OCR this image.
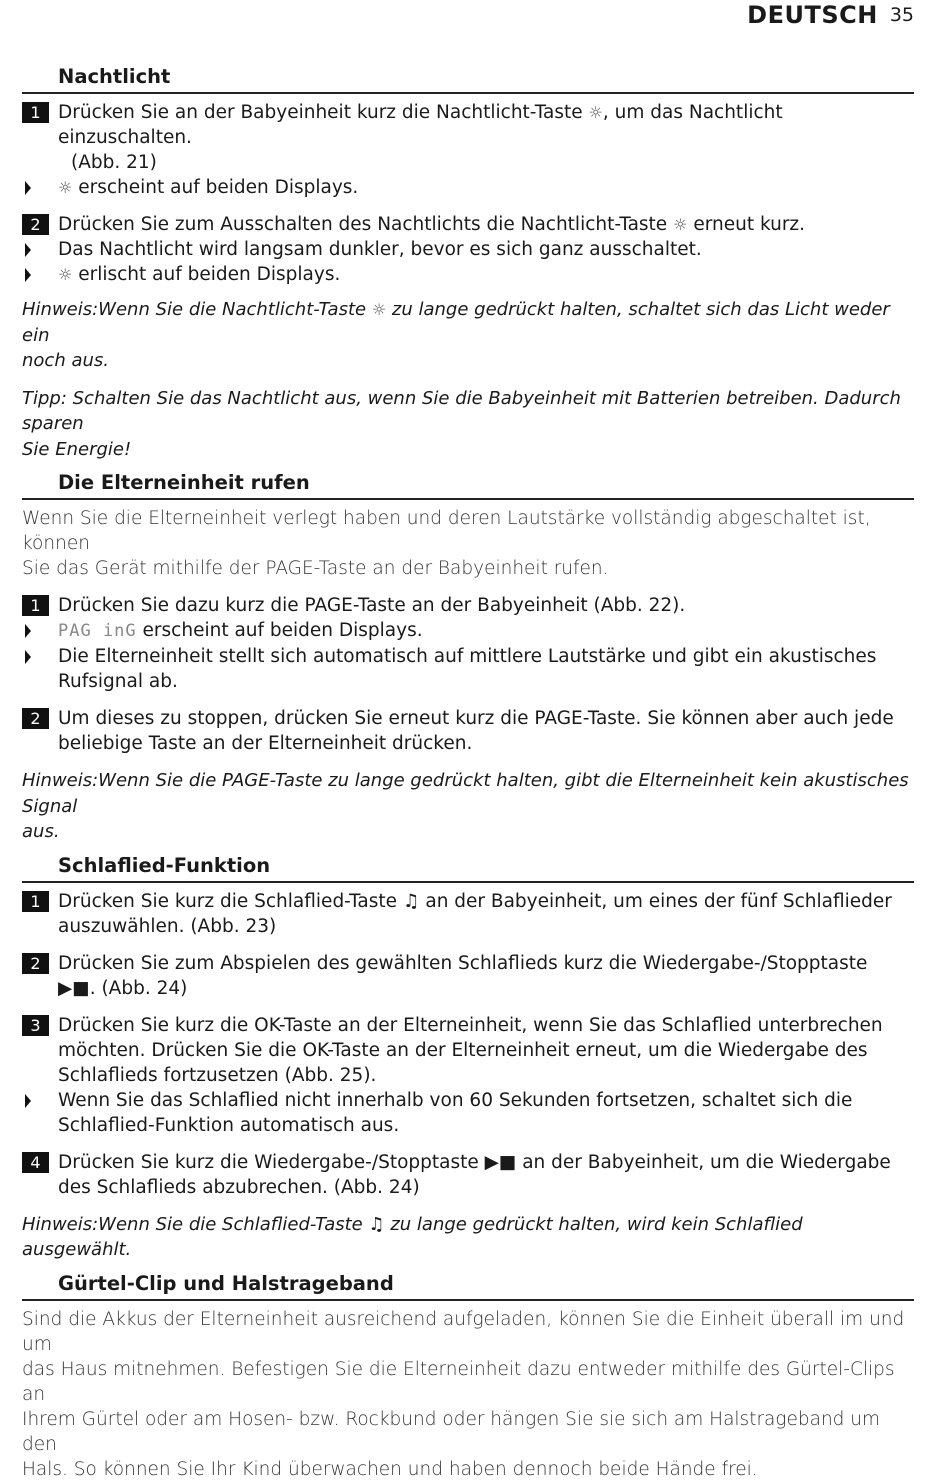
DEUTSCH 35
Nachtlicht
1 Drücken Sie an der Babyeinheit kurz die Nachtlicht-Taste ☼, um das Nachtlicht einzuschalten.
(Abb. 21)
☼ erscheint auf beiden Displays.
2 Drücken Sie zum Ausschalten des Nachtlichts die Nachtlicht-Taste ☼ erneut kurz.
Das Nachtlicht wird langsam dunkler, bevor es sich ganz ausschaltet.
☼ erlischt auf beiden Displays.
Hinweis:Wenn Sie die Nachtlicht-Taste ☼ zu lange gedrückt halten, schaltet sich das Licht weder ein
noch aus.
Tipp: Schalten Sie das Nachtlicht aus, wenn Sie die Babyeinheit mit Batterien betreiben. Dadurch sparen
Sie Energie!
Die Elterneinheit rufen
Wenn Sie die Elterneinheit verlegt haben und deren Lautstärke vollständig abgeschaltet ist, können
Sie das Gerät mithilfe der PAGE-Taste an der Babyeinheit rufen.
1 Drücken Sie dazu kurz die PAGE-Taste an der Babyeinheit (Abb. 22).
PAG inG erscheint auf beiden Displays.
Die Elterneinheit stellt sich automatisch auf mittlere Lautstärke und gibt ein akustisches
Rufsignal ab.
2 Um dieses zu stoppen, drücken Sie erneut kurz die PAGE-Taste. Sie können aber auch jede
beliebige Taste an der Elterneinheit drücken.
Hinweis:Wenn Sie die PAGE-Taste zu lange gedrückt halten, gibt die Elterneinheit kein akustisches Signal
aus.
Schlaflied-Funktion
1 Drücken Sie kurz die Schlaflied-Taste ♫ an der Babyeinheit, um eines der fünf Schlaflieder
auszuwählen. (Abb. 23)
2 Drücken Sie zum Abspielen des gewählten Schlaflieds kurz die Wiedergabe-/Stopptaste
▶■. (Abb. 24)
3 Drücken Sie kurz die OK-Taste an der Elterneinheit, wenn Sie das Schlaflied unterbrechen
möchten. Drücken Sie die OK-Taste an der Elterneinheit erneut, um die Wiedergabe des
Schlaflieds fortzusetzen (Abb. 25).
Wenn Sie das Schlaflied nicht innerhalb von 60 Sekunden fortsetzen, schaltet sich die
Schlaflied-Funktion automatisch aus.
4 Drücken Sie kurz die Wiedergabe-/Stopptaste ▶■ an der Babyeinheit, um die Wiedergabe
des Schlaflieds abzubrechen. (Abb. 24)
Hinweis:Wenn Sie die Schlaflied-Taste ♫ zu lange gedrückt halten, wird kein Schlaflied ausgewählt.
Gürtel-Clip und Halstrageband
Sind die Akkus der Elterneinheit ausreichend aufgeladen, können Sie die Einheit überall im und um
das Haus mitnehmen. Befestigen Sie die Elterneinheit dazu entweder mithilfe des Gürtel-Clips an
Ihrem Gürtel oder am Hosen- bzw. Rockbund oder hängen Sie sie sich am Halstrageband um den
Hals. So können Sie Ihr Kind überwachen und haben dennoch beide Hände frei.
